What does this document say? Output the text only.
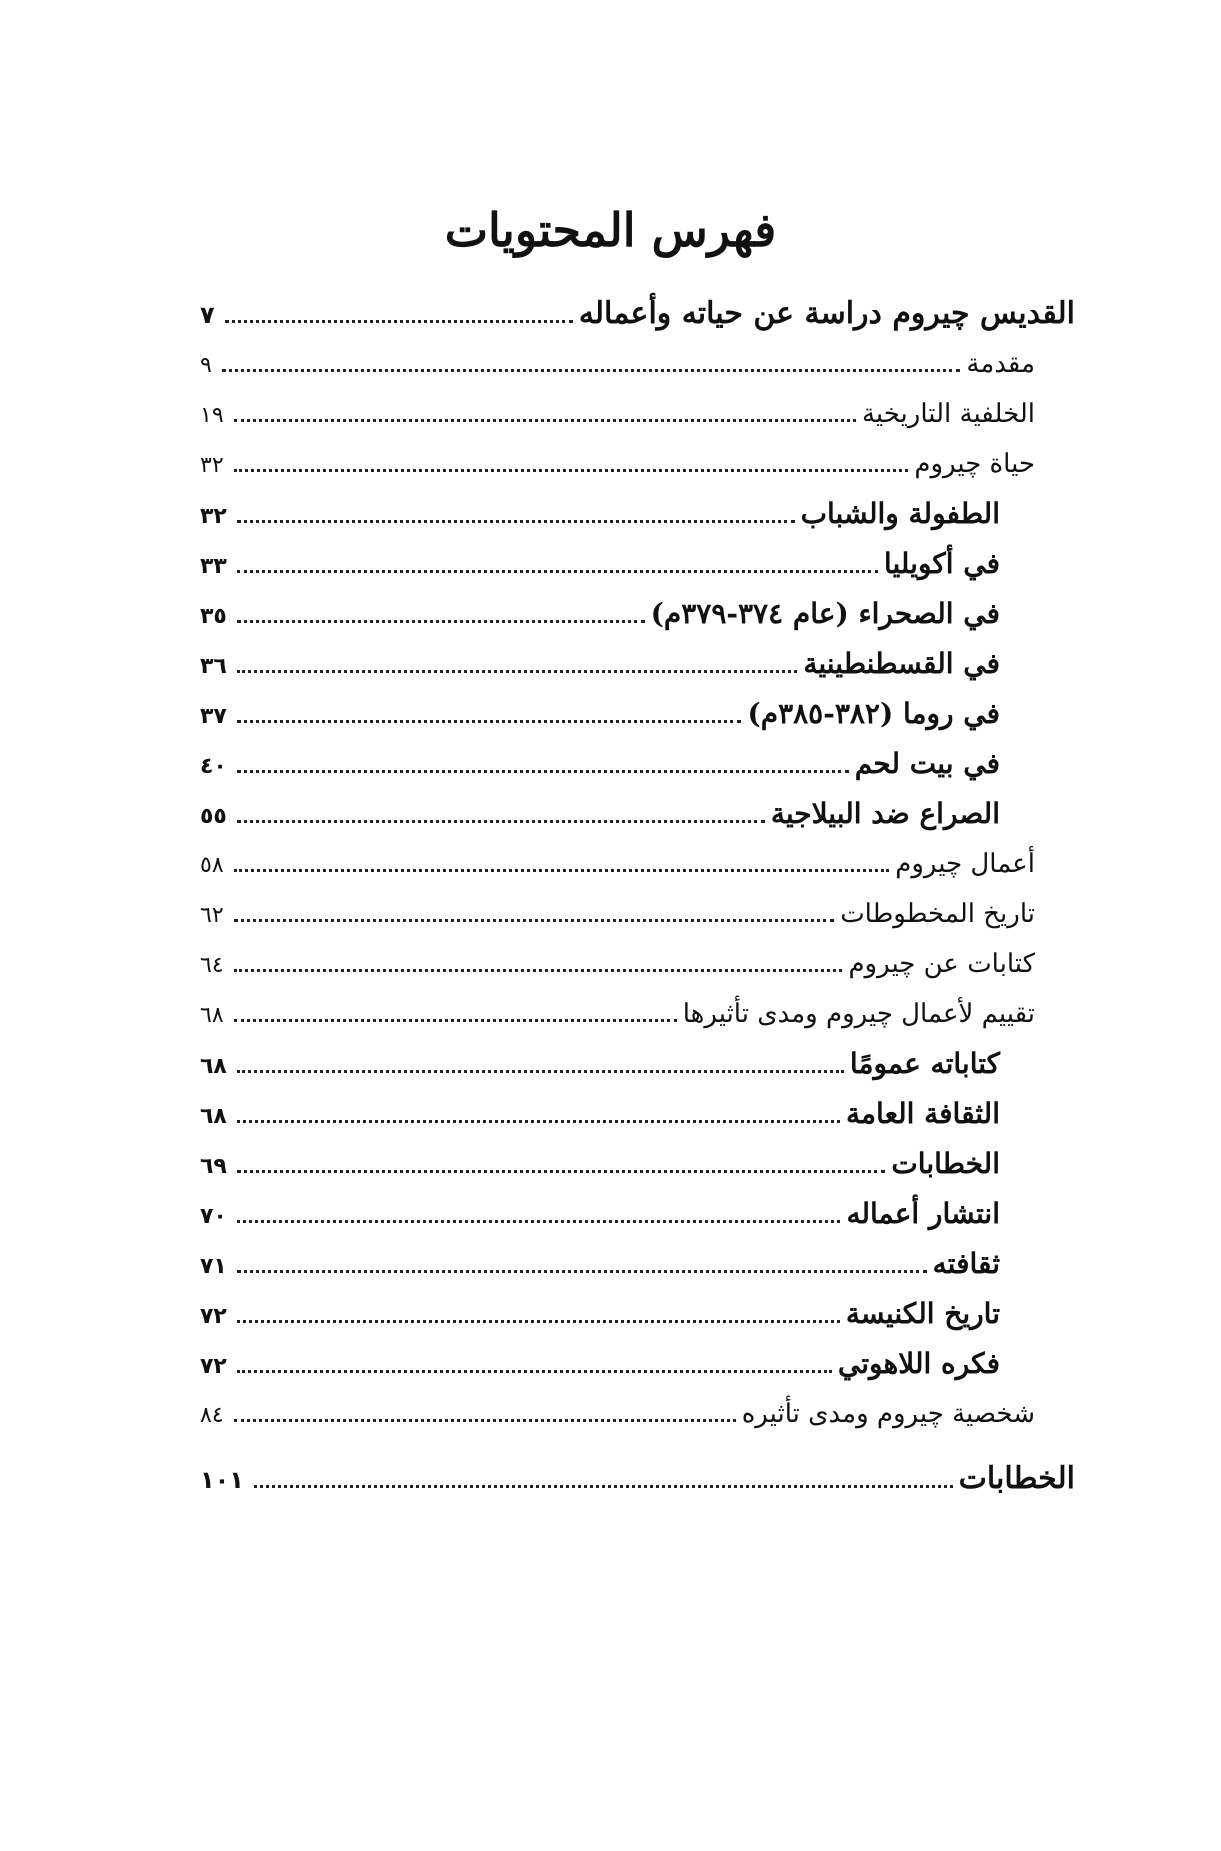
فهرس المحتويات
القديس چيروم دراسة عن حياته وأعماله
٧
مقدمة
٩
الخلفية التاريخية
١٩
حياة چيروم
٣٢
الطفولة والشباب
٣٢
في أكويليا
٣٣
في الصحراء (عام ٣٧٤-٣٧٩م)
٣٥
في القسطنطينية
٣٦
في روما (٣٨٢-٣٨٥م)
٣٧
في بيت لحم
٤٠
الصراع ضد البيلاجية
٥٥
أعمال چيروم
٥٨
تاريخ المخطوطات
٦٢
كتابات عن چيروم
٦٤
تقييم لأعمال چيروم ومدى تأثيرها
٦٨
كتاباته عمومًا
٦٨
الثقافة العامة
٦٨
الخطابات
٦٩
انتشار أعماله
٧٠
ثقافته
٧١
تاريخ الكنيسة
٧٢
فكره اللاهوتي
٧٢
شخصية چيروم ومدى تأثيره
٨٤
الخطابات
١٠١
